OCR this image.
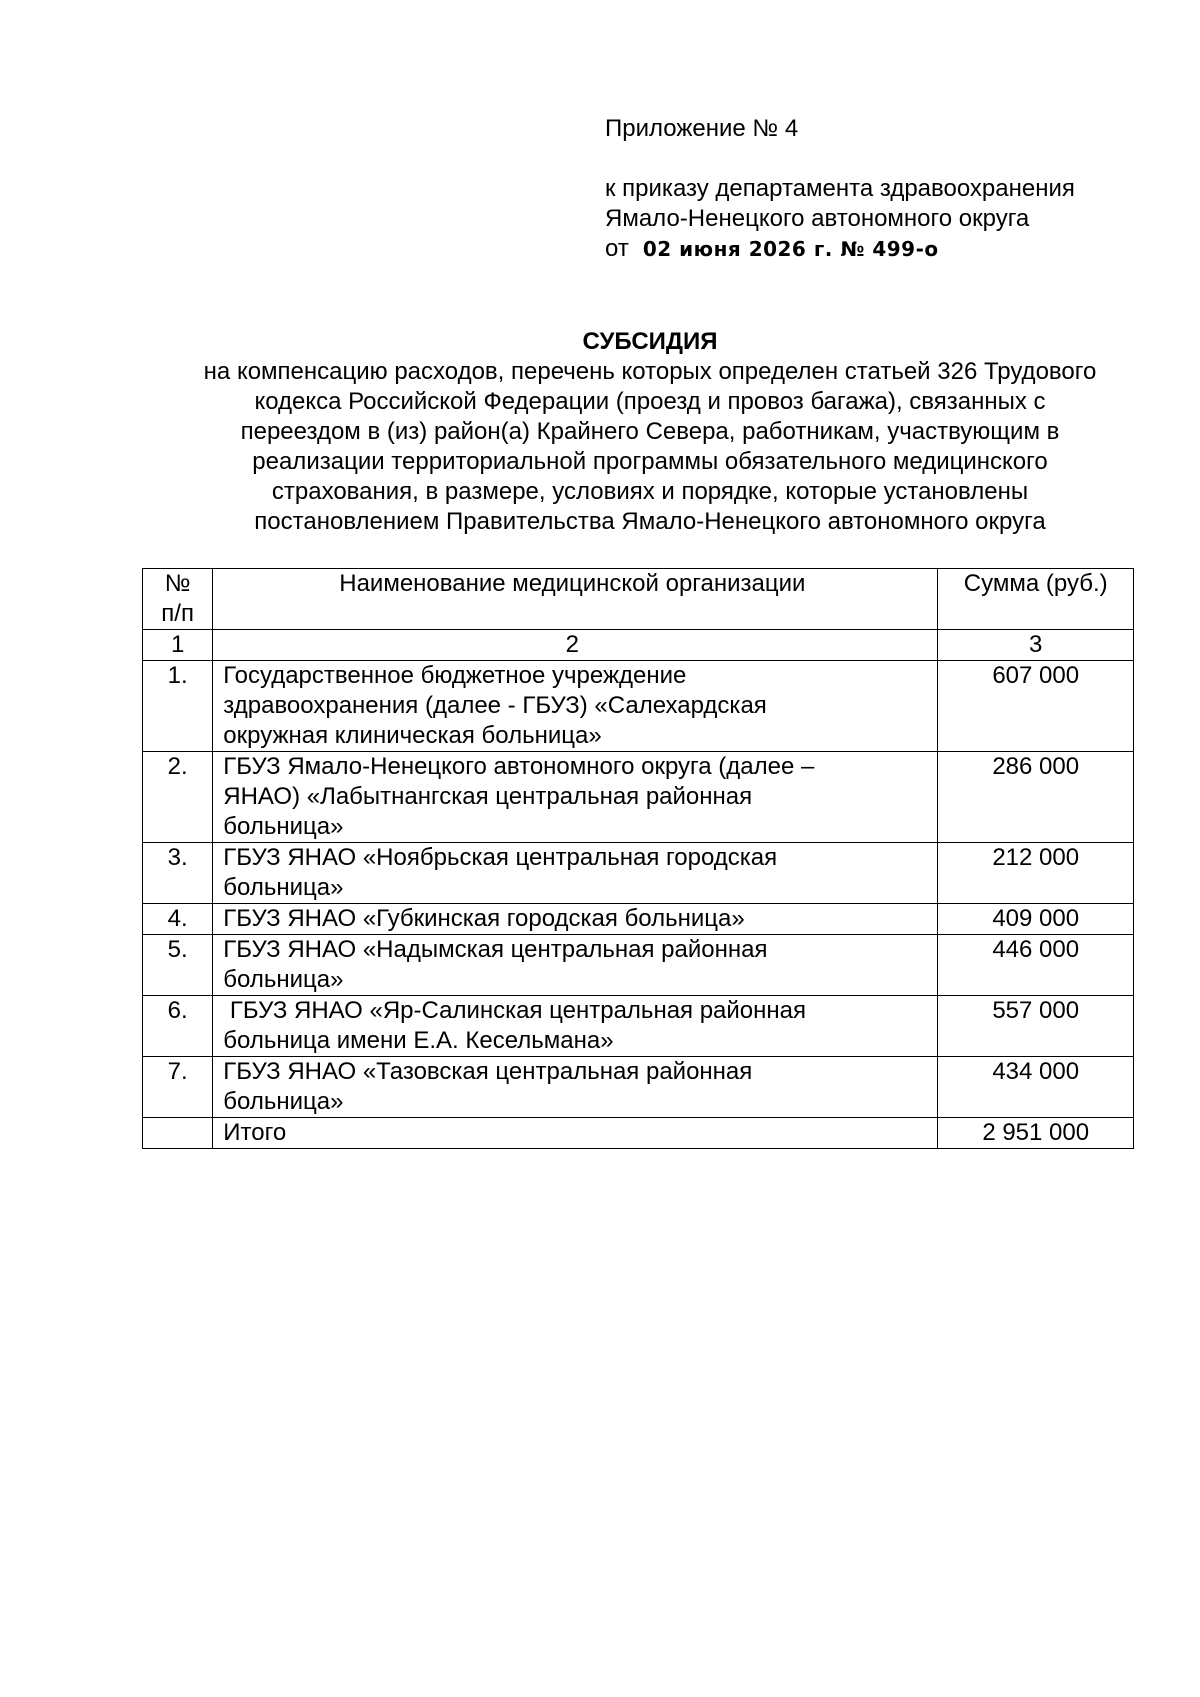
Приложение № 4
к приказу департамента здравоохранения
Ямало-Ненецкого автономного округа
от 02 июня 2026 г. № 499-о
СУБСИДИЯ
на компенсацию расходов, перечень которых определен статьей 326 Трудового
кодекса Российской Федерации (проезд и провоз багажа), связанных с
переездом в (из) район(а) Крайнего Севера, работникам, участвующим в
реализации территориальной программы обязательного медицинского
страхования, в размере, условиях и порядке, которые установлены
постановлением Правительства Ямало-Ненецкого автономного округа
№
п/п	Наименование медицинской организации	Сумма (руб.)
1	2	3
1.	Государственное бюджетное учреждение
здравоохранения (далее - ГБУЗ) «Салехардская
окружная клиническая больница»	607 000
2.	ГБУЗ Ямало-Ненецкого автономного округа (далее –
ЯНАО) «Лабытнангская центральная районная
больница»	286 000
3.	ГБУЗ ЯНАО «Ноябрьская центральная городская
больница»	212 000
4.	ГБУЗ ЯНАО «Губкинская городская больница»	409 000
5.	ГБУЗ ЯНАО «Надымская центральная районная
больница»	446 000
6.	ГБУЗ ЯНАО «Яр-Салинская центральная районная
больница имени Е.А. Кесельмана»	557 000
7.	ГБУЗ ЯНАО «Тазовская центральная районная
больница»	434 000
	Итого	2 951 000
